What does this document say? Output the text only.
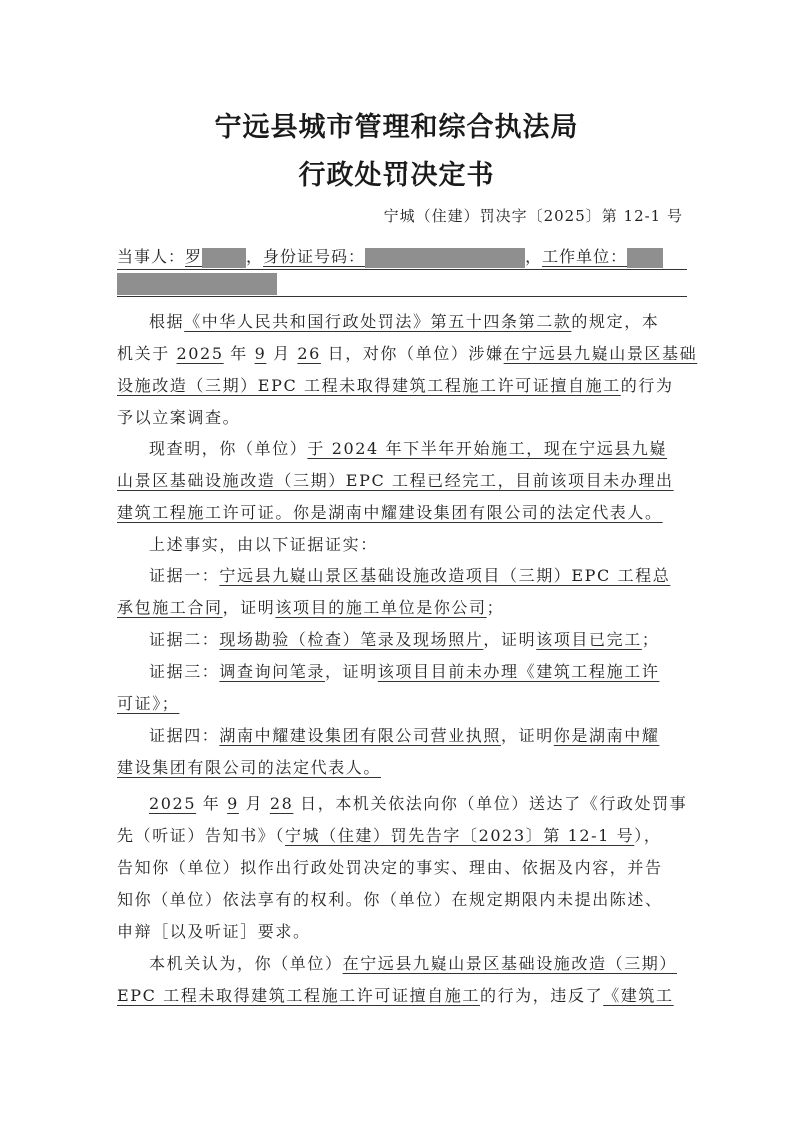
宁远县城市管理和综合执法局
行政处罚决定书
宁城（住建）罚决字〔2025〕第 12-1 号
当事人：罗	，身份证号码：	，工作单位：
根据《中华人民共和国行政处罚法》第五十四条第二款的规定，本
机关于 2025 年 9 月 26 日，对你（单位）涉嫌在宁远县九嶷山景区基础
设施改造（三期）EPC 工程未取得建筑工程施工许可证擅自施工的行为
予以立案调查。
现查明，你（单位）于 2024 年下半年开始施工，现在宁远县九嶷
山景区基础设施改造（三期）EPC 工程已经完工，目前该项目未办理出
建筑工程施工许可证。你是湖南中耀建设集团有限公司的法定代表人。
上述事实，由以下证据证实：
证据一：宁远县九嶷山景区基础设施改造项目（三期）EPC 工程总
承包施工合同，证明该项目的施工单位是你公司；
证据二：现场勘验（检查）笔录及现场照片，证明该项目已完工；
证据三：调查询问笔录，证明该项目目前未办理《建筑工程施工许
可证》；
证据四：湖南中耀建设集团有限公司营业执照，证明你是湖南中耀
建设集团有限公司的法定代表人。
2025 年 9 月 28 日，本机关依法向你（单位）送达了《行政处罚事
先（听证）告知书》（宁城（住建）罚先告字〔2023〕第 12-1 号），
告知你（单位）拟作出行政处罚决定的事实、理由、依据及内容，并告
知你（单位）依法享有的权利。你（单位）在规定期限内未提出陈述、
申辩［以及听证］要求。
本机关认为，你（单位）在宁远县九嶷山景区基础设施改造（三期）
EPC 工程未取得建筑工程施工许可证擅自施工的行为，违反了《建筑工
